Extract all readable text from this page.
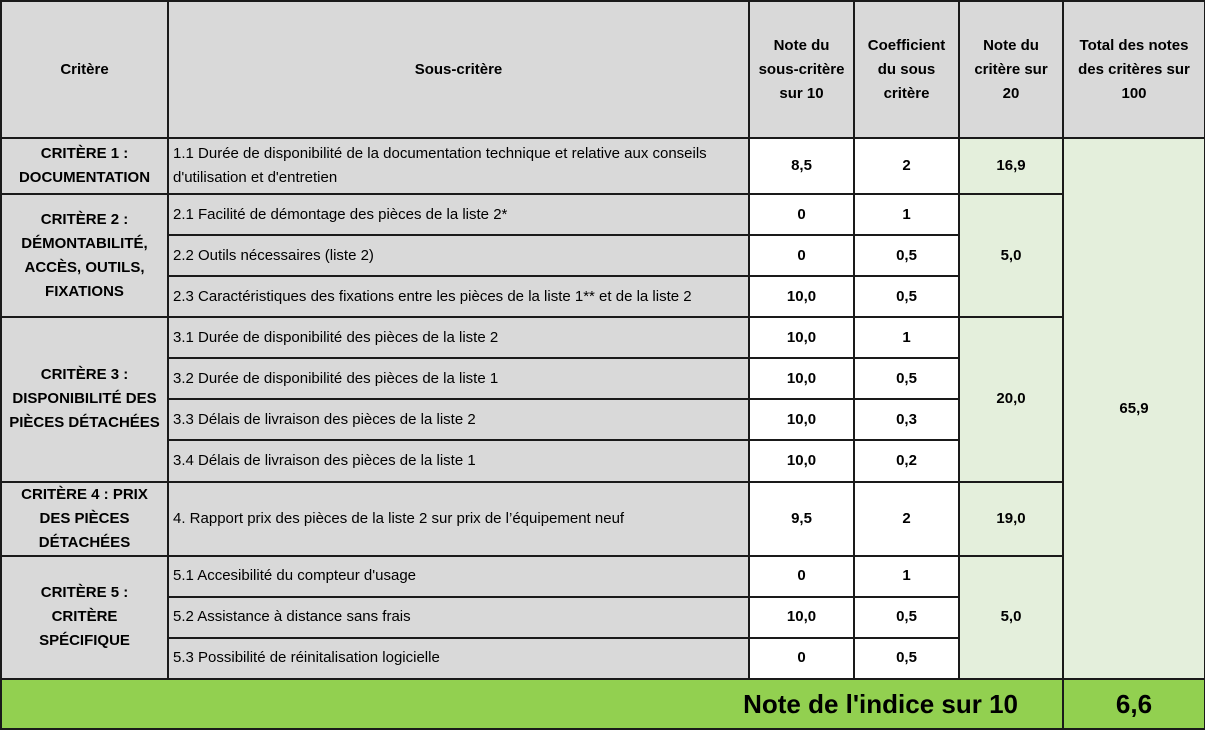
Critère	Sous-critère	Note du sous-critère sur 10	Coefficient du sous critère	Note du critère sur 20	Total des notes des critères sur 100
CRITÈRE 1 : DOCUMENTATION	1.1 Durée de disponibilité de la documentation technique et relative aux conseils d'utilisation et d'entretien	8,5	2	16,9	65,9
CRITÈRE 2 : DÉMONTABILITÉ, ACCÈS, OUTILS, FIXATIONS	2.1 Facilité de démontage des pièces de la liste 2*	0	1	5,0	
	2.2 Outils nécessaires (liste 2)	0	0,5		
	2.3 Caractéristiques des fixations entre les pièces de la liste 1** et de la liste 2	10,0	0,5		
CRITÈRE 3 : DISPONIBILITÉ DES PIÈCES DÉTACHÉES	3.1 Durée de disponibilité des pièces de la liste 2	10,0	1	20,0	
	3.2 Durée de disponibilité des pièces de la liste 1	10,0	0,5		
	3.3 Délais de livraison des pièces de la liste 2	10,0	0,3		
	3.4 Délais de livraison des pièces de la liste 1	10,0	0,2		
CRITÈRE 4 : PRIX DES PIÈCES DÉTACHÉES	4. Rapport prix des pièces de la liste 2 sur prix de l’équipement neuf	9,5	2	19,0	
CRITÈRE 5 : CRITÈRE SPÉCIFIQUE	5.1 Accesibilité du compteur d'usage	0	1	5,0	
	5.2 Assistance à distance sans frais	10,0	0,5		
	5.3 Possibilité de réinitalisation logicielle	0	0,5		
Note de l'indice sur 10					6,6
